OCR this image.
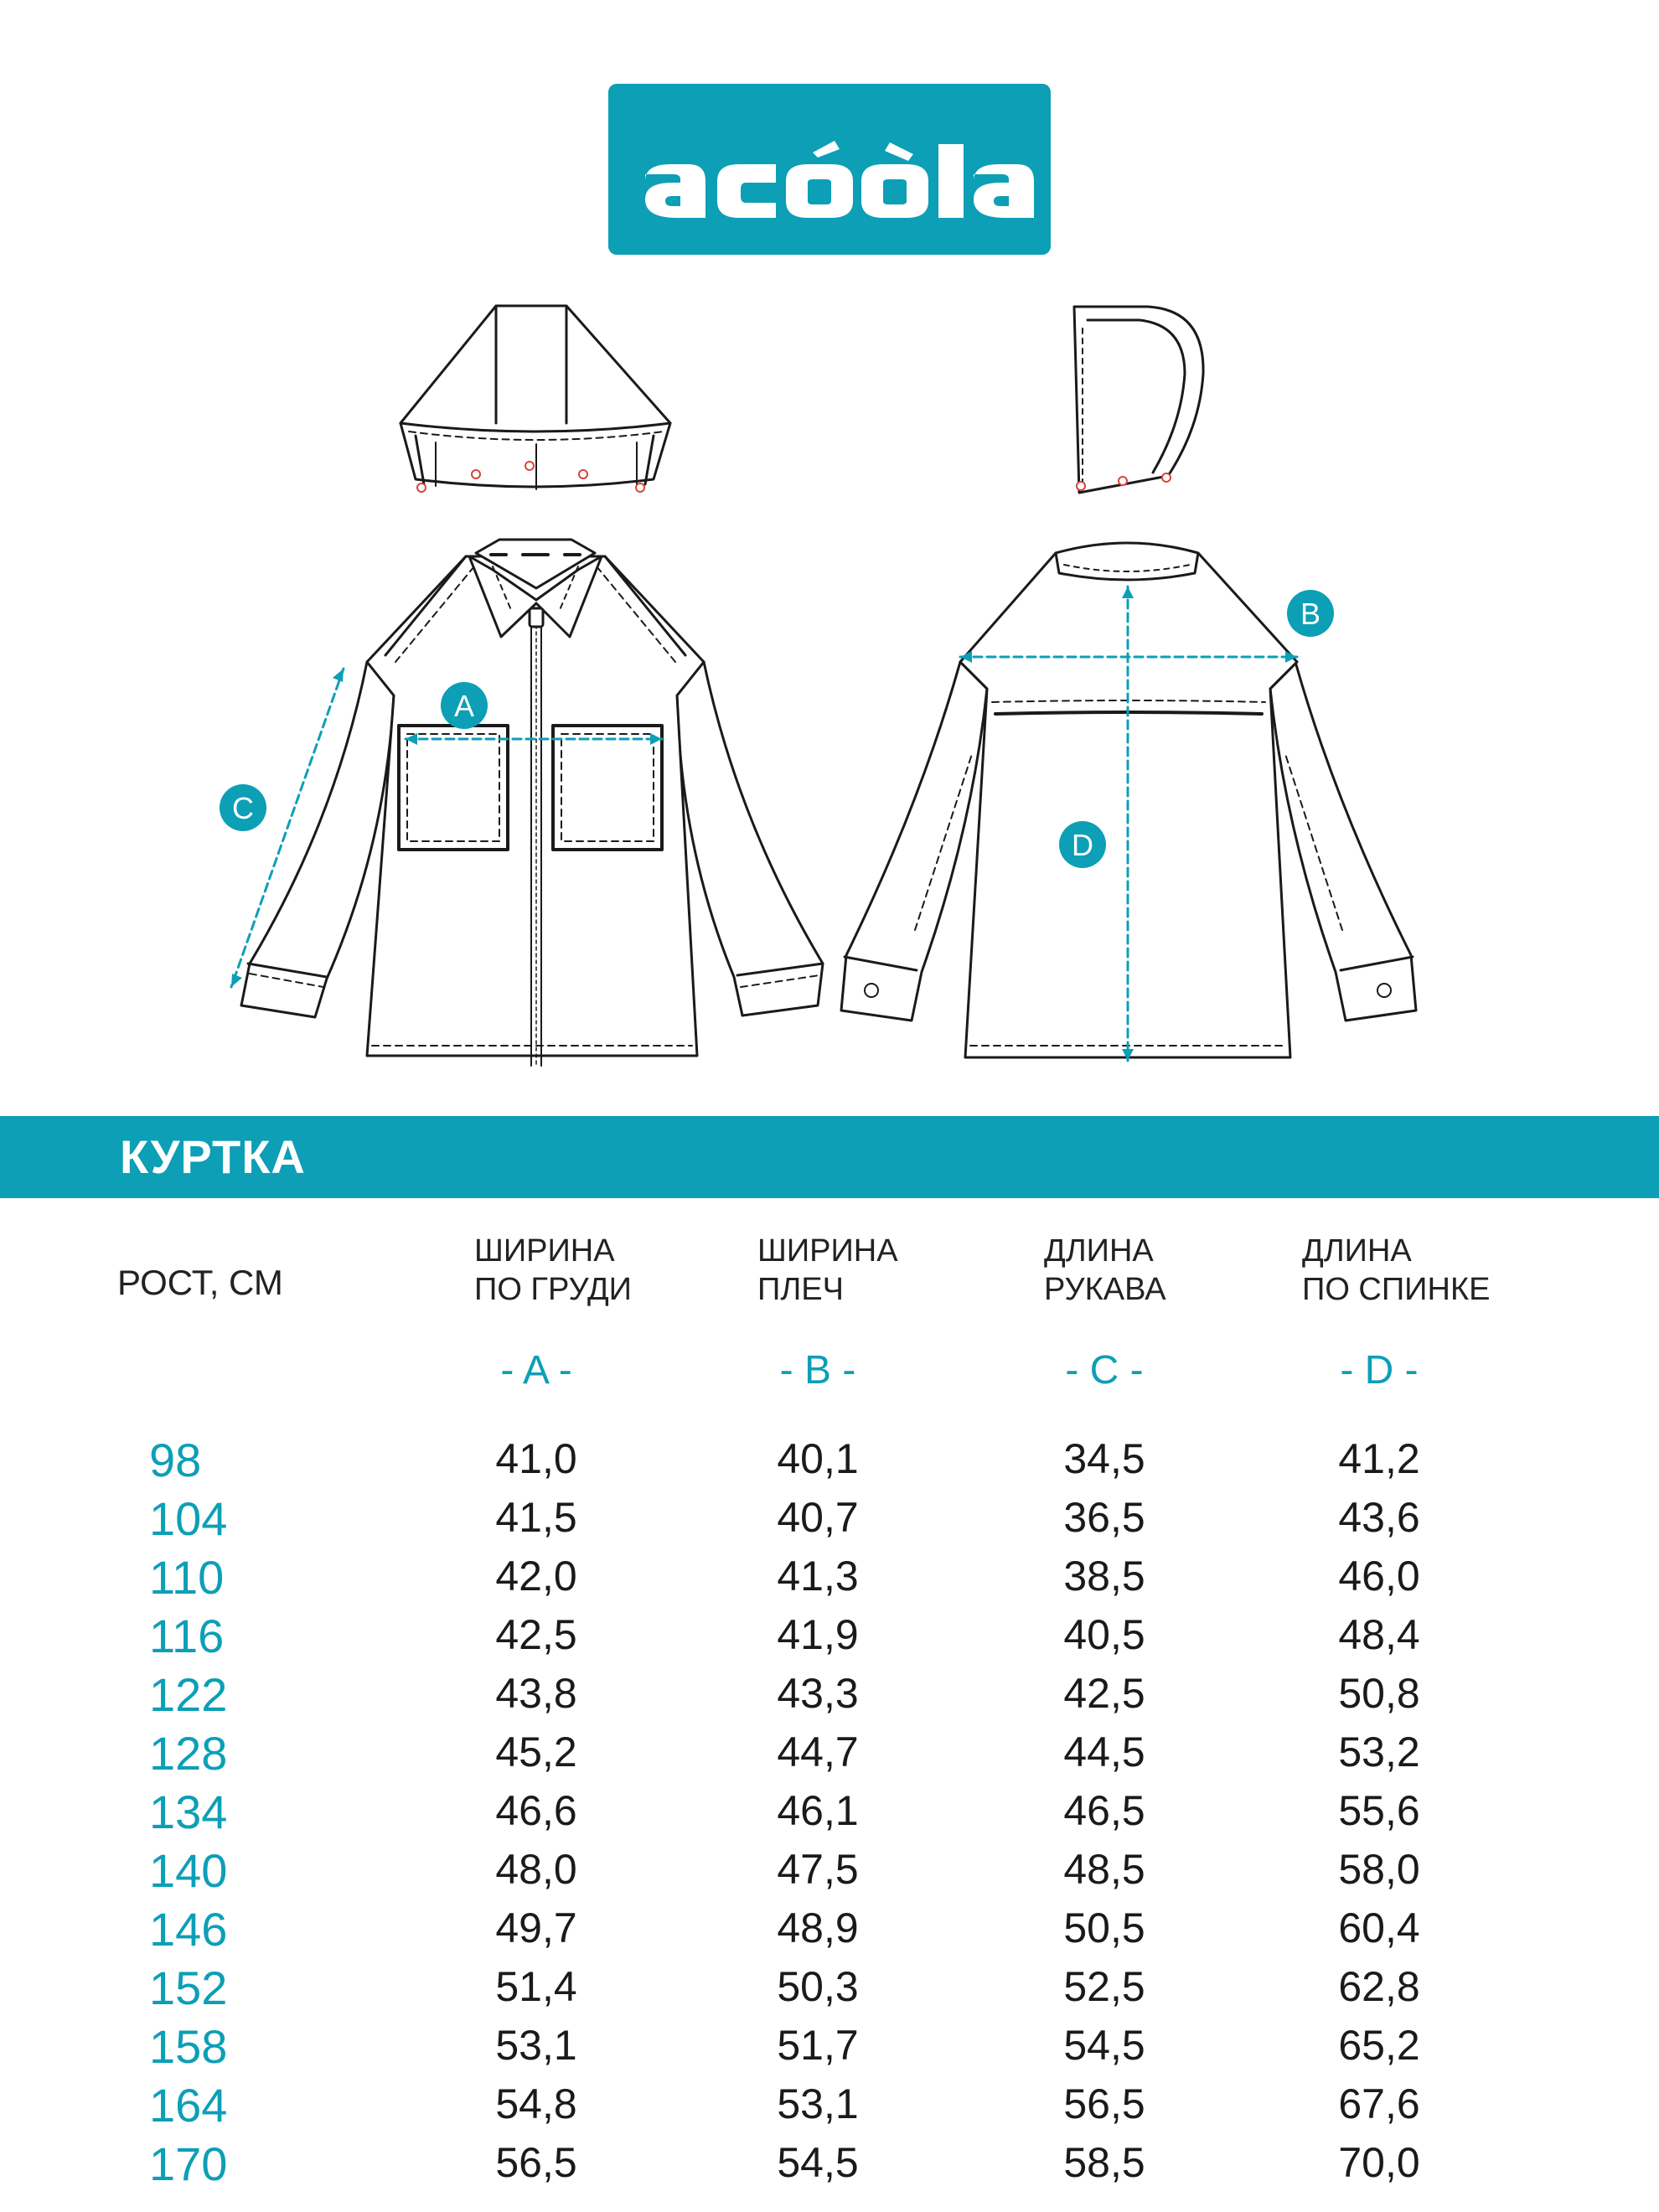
A
C
B
D
КУРТКА
РОСТ, СМ
ШИРИНА
ПО ГРУДИ
ШИРИНА
ПЛЕЧ
ДЛИНА
РУКАВА
ДЛИНА
ПО СПИНКЕ
- A -	- B -	- C -	- D -
98	41,0	40,1	34,5	41,2
104	41,5	40,7	36,5	43,6
110	42,0	41,3	38,5	46,0
116	42,5	41,9	40,5	48,4
122	43,8	43,3	42,5	50,8
128	45,2	44,7	44,5	53,2
134	46,6	46,1	46,5	55,6
140	48,0	47,5	48,5	58,0
146	49,7	48,9	50,5	60,4
152	51,4	50,3	52,5	62,8
158	53,1	51,7	54,5	65,2
164	54,8	53,1	56,5	67,6
170	56,5	54,5	58,5	70,0
